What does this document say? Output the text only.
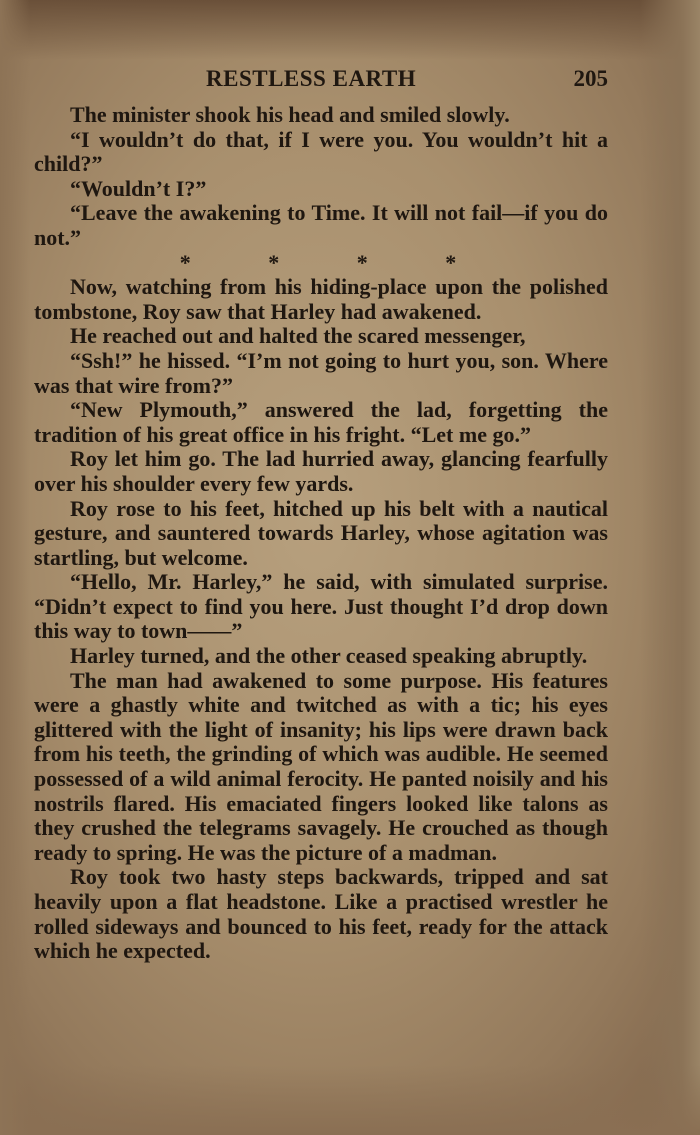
RESTLESS EARTH	205

The minister shook his head and smiled slowly.

“I wouldn’t do that, if I were you. You wouldn’t hit a child?”

“Wouldn’t I?”

“Leave the awakening to Time. It will not fail—if you do not.”

* * * *

Now, watching from his hiding-place upon the polished tombstone, Roy saw that Harley had awakened.

He reached out and halted the scared messenger,

“Ssh!” he hissed. “I’m not going to hurt you, son. Where was that wire from?”

“New Plymouth,” answered the lad, forgetting the tradition of his great office in his fright. “Let me go.”

Roy let him go. The lad hurried away, glancing fearfully over his shoulder every few yards.

Roy rose to his feet, hitched up his belt with a nautical gesture, and sauntered towards Harley, whose agitation was startling, but welcome.

“Hello, Mr. Harley,” he said, with simulated surprise. “Didn’t expect to find you here. Just thought I’d drop down this way to town——”

Harley turned, and the other ceased speaking abruptly.

The man had awakened to some purpose. His features were a ghastly white and twitched as with a tic; his eyes glittered with the light of insanity; his lips were drawn back from his teeth, the grinding of which was audible. He seemed possessed of a wild animal ferocity. He panted noisily and his nostrils flared. His emaciated fingers looked like talons as they crushed the telegrams savagely. He crouched as though ready to spring. He was the picture of a madman.

Roy took two hasty steps backwards, tripped and sat heavily upon a flat headstone. Like a practised wrestler he rolled sideways and bounced to his feet, ready for the attack which he expected.
